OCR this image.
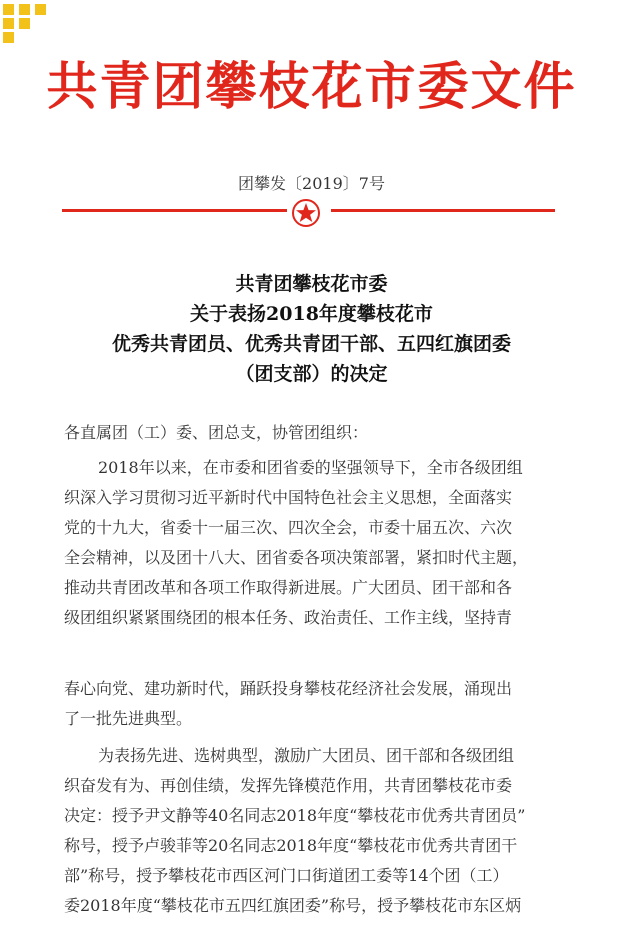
共青团攀枝花市委文件
团攀发〔2019〕7号
共青团攀枝花市委
关于表扬2018年度攀枝花市
优秀共青团员、优秀共青团干部、五四红旗团委
（团支部）的决定
各直属团（工）委、团总支，协管团组织：
2018年以来，在市委和团省委的坚强领导下，全市各级团组
织深入学习贯彻习近平新时代中国特色社会主义思想，全面落实
党的十九大，省委十一届三次、四次全会，市委十届五次、六次
全会精神，以及团十八大、团省委各项决策部署，紧扣时代主题，
推动共青团改革和各项工作取得新进展。广大团员、团干部和各
级团组织紧紧围绕团的根本任务、政治责任、工作主线，坚持青
春心向党、建功新时代，踊跃投身攀枝花经济社会发展，涌现出
了一批先进典型。
为表扬先进、选树典型，激励广大团员、团干部和各级团组
织奋发有为、再创佳绩，发挥先锋模范作用，共青团攀枝花市委
决定：授予尹文静等40名同志2018年度“攀枝花市优秀共青团员”
称号，授予卢骏菲等20名同志2018年度“攀枝花市优秀共青团干
部”称号，授予攀枝花市西区河门口街道团工委等14个团（工）
委2018年度“攀枝花市五四红旗团委”称号，授予攀枝花市东区炳
